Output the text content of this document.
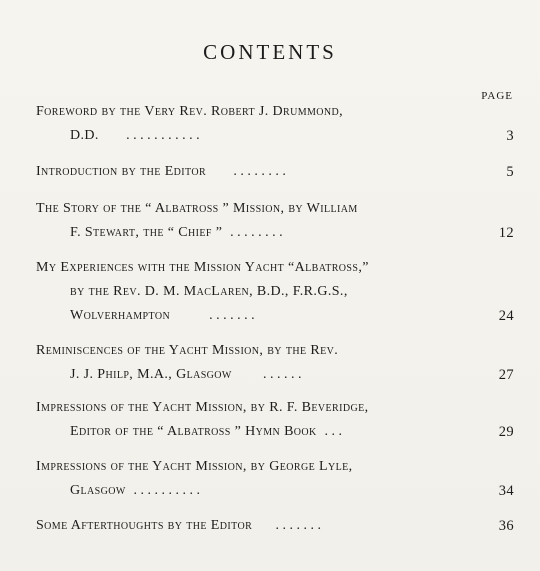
CONTENTS
PAGE
Foreword by the Very Rev. Robert J. Drummond,
D.D. . . . . . . . . . . .	3
Introduction by the Editor . . . . . . . .	5
The Story of the “ Albatross ” Mission, by William
F. Stewart, the “ Chief ” . . . . . . . .	12
My Experiences with the Mission Yacht “Albatross,”
by the Rev. D. M. MacLaren, B.D., F.R.G.S.,
Wolverhampton	. . . . . . .	24
Reminiscences of the Yacht Mission, by the Rev.
J. J. Philp, M.A., Glasgow . . . . . .	27
Impressions of the Yacht Mission, by R. F. Beveridge,
Editor of the “ Albatross ” Hymn Book . . .	29
Impressions of the Yacht Mission, by George Lyle,
Glasgow . . . . . . . . . .	34
Some Afterthoughts by the Editor . . . . . . .	36
